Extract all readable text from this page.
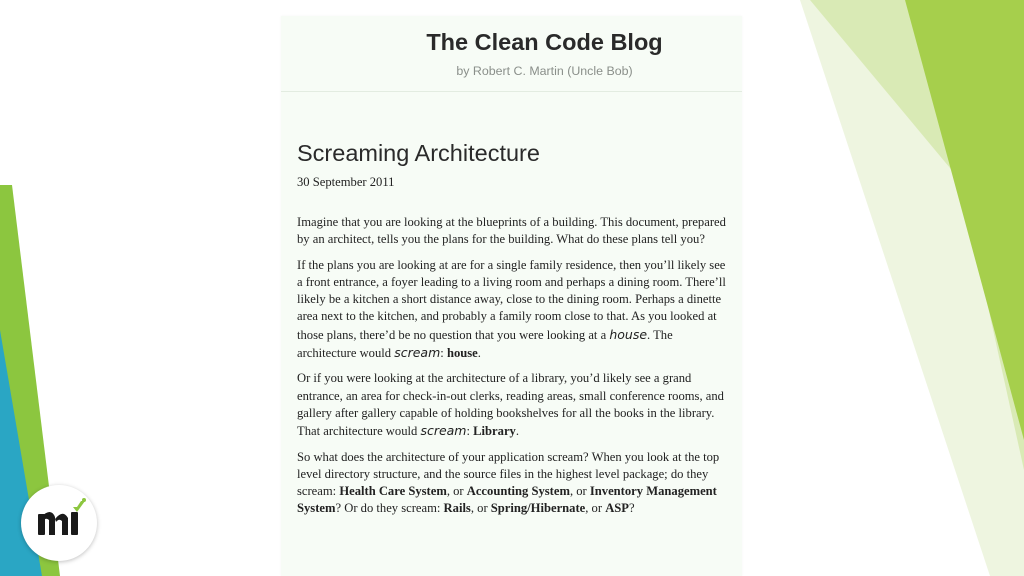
The Clean Code Blog
by Robert C. Martin (Uncle Bob)
Screaming Architecture
30 September 2011

Imagine that you are looking at the blueprints of a building. This document, prepared by an architect, tells you the plans for the building. What do these plans tell you?

If the plans you are looking at are for a single family residence, then you’ll likely see a front entrance, a foyer leading to a living room and perhaps a dining room. There’ll likely be a kitchen a short distance away, close to the dining room. Perhaps a dinette area next to the kitchen, and probably a family room close to that. As you looked at those plans, there’d be no question that you were looking at a house. The architecture would scream: house.

Or if you were looking at the architecture of a library, you’d likely see a grand entrance, an area for check-in-out clerks, reading areas, small conference rooms, and gallery after gallery capable of holding bookshelves for all the books in the library. That architecture would scream: Library.

So what does the architecture of your application scream? When you look at the top level directory structure, and the source files in the highest level package; do they scream: Health Care System, or Accounting System, or Inventory Management System? Or do they scream: Rails, or Spring/Hibernate, or ASP?
